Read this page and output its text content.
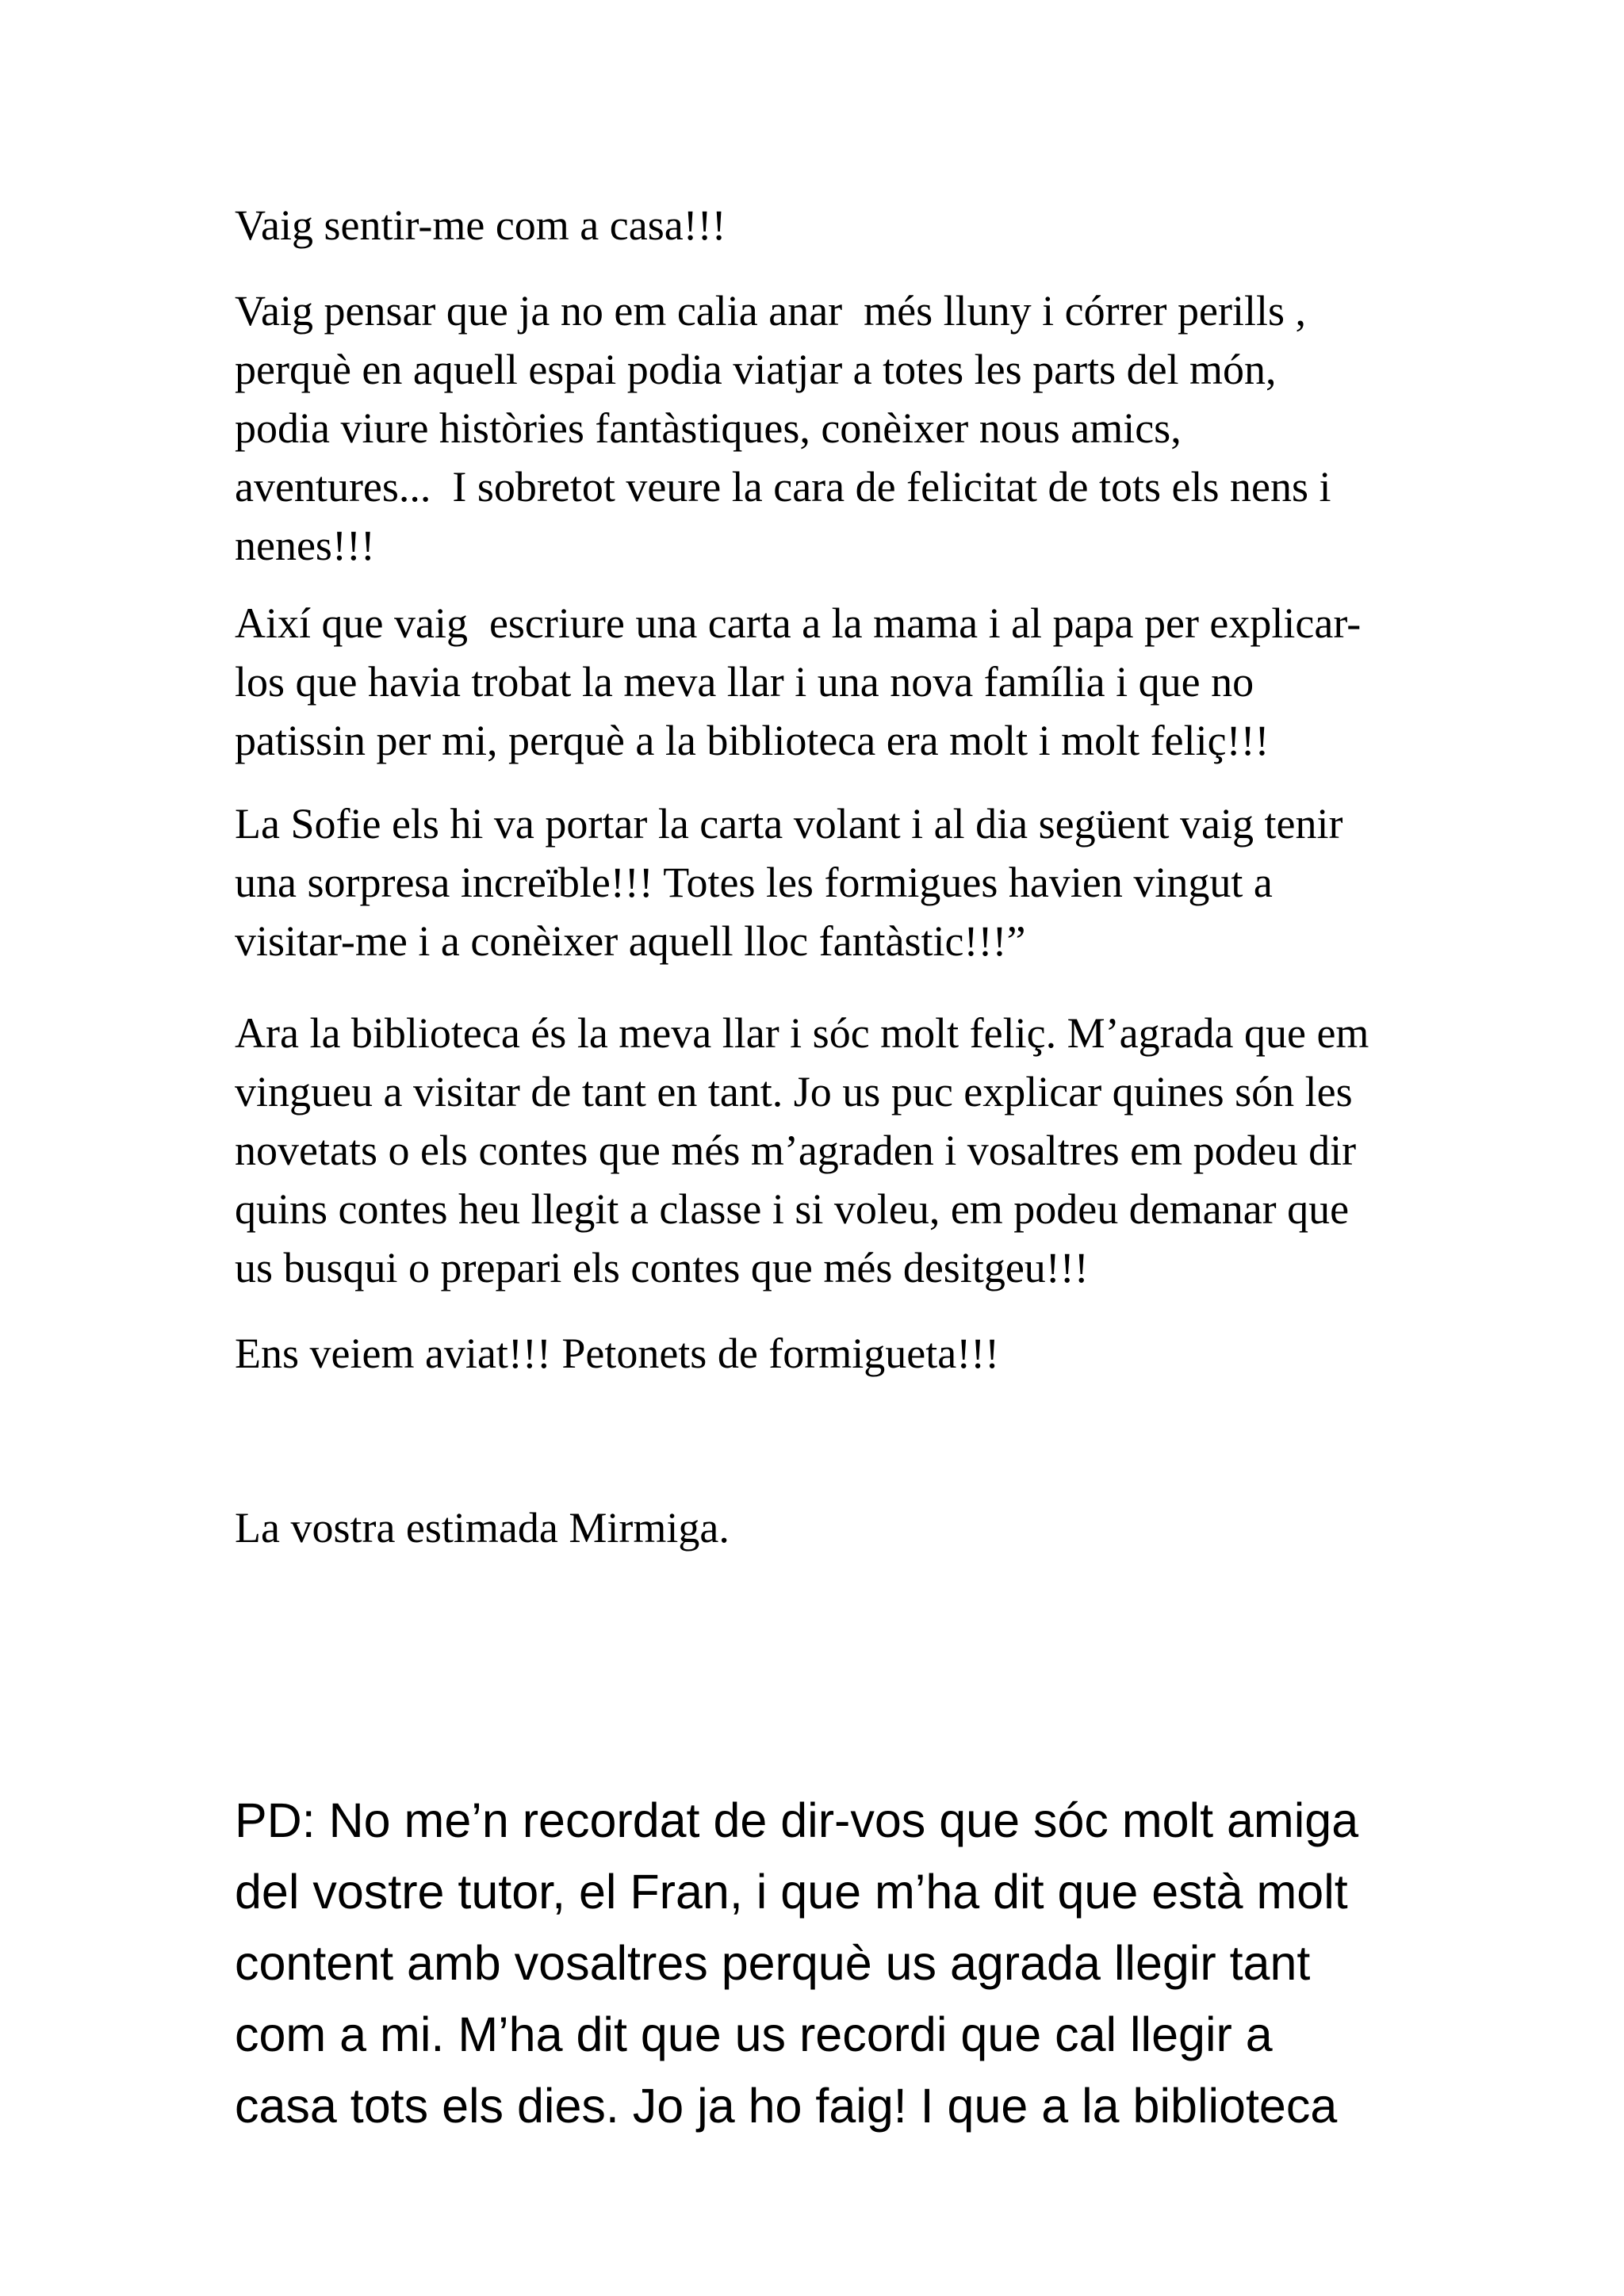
Vaig sentir-me com a casa!!!
Vaig pensar que ja no em calia anar  més lluny i córrer perills ,
perquè en aquell espai podia viatjar a totes les parts del món,
podia viure històries fantàstiques, conèixer nous amics,
aventures...  I sobretot veure la cara de felicitat de tots els nens i
nenes!!!
Així que vaig  escriure una carta a la mama i al papa per explicar-
los que havia trobat la meva llar i una nova família i que no
patissin per mi, perquè a la biblioteca era molt i molt feliç!!!
La Sofie els hi va portar la carta volant i al dia següent vaig tenir
una sorpresa increïble!!! Totes les formigues havien vingut a
visitar-me i a conèixer aquell lloc fantàstic!!!”
Ara la biblioteca és la meva llar i sóc molt feliç. M’agrada que em
vingueu a visitar de tant en tant. Jo us puc explicar quines són les
novetats o els contes que més m’agraden i vosaltres em podeu dir
quins contes heu llegit a classe i si voleu, em podeu demanar que
us busqui o prepari els contes que més desitgeu!!!
Ens veiem aviat!!! Petonets de formigueta!!!
La vostra estimada Mirmiga.
PD: No me’n recordat de dir-vos que sóc molt amiga
del vostre tutor, el Fran, i que m’ha dit que està molt
content amb vosaltres perquè us agrada llegir tant
com a mi. M’ha dit que us recordi que cal llegir a
casa tots els dies. Jo ja ho faig! I que a la biblioteca
